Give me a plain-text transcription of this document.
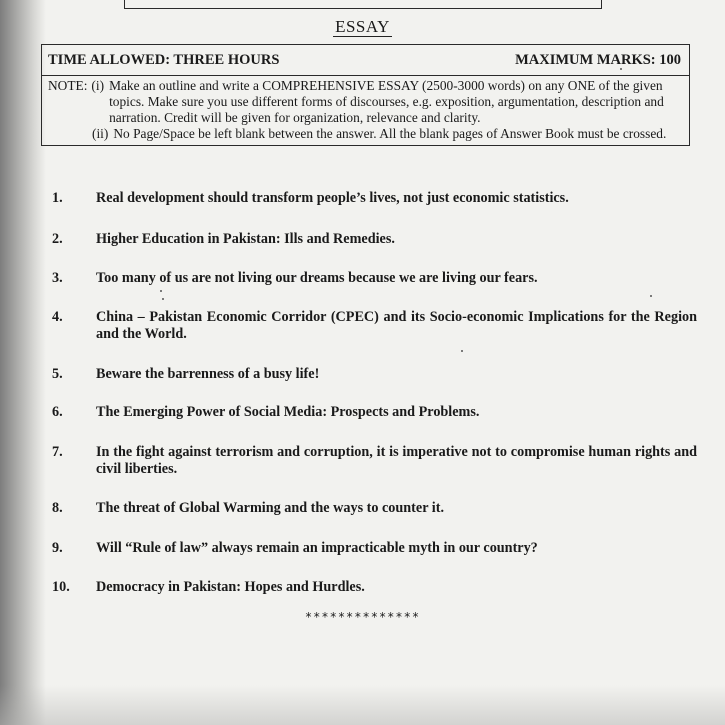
ESSAY
TIME ALLOWED: THREE HOURS	MAXIMUM MARKS: 100
NOTE: (i) Make an outline and write a COMPREHENSIVE ESSAY (2500-3000 words) on any ONE of the given topics. Make sure you use different forms of discourses, e.g. exposition, argumentation, description and narration. Credit will be given for organization, relevance and clarity.
(ii) No Page/Space be left blank between the answer. All the blank pages of Answer Book must be crossed.
1.	Real development should transform people’s lives, not just economic statistics.
2.	Higher Education in Pakistan: Ills and Remedies.
3.	Too many of us are not living our dreams because we are living our fears.
4.	China – Pakistan Economic Corridor (CPEC) and its Socio-economic Implications for the Region and the World.
5.	Beware the barrenness of a busy life!
6.	The Emerging Power of Social Media: Prospects and Problems.
7.	In the fight against terrorism and corruption, it is imperative not to compromise human rights and civil liberties.
8.	The threat of Global Warming and the ways to counter it.
9.	Will “Rule of law” always remain an impracticable myth in our country?
10.	Democracy in Pakistan: Hopes and Hurdles.
**************
